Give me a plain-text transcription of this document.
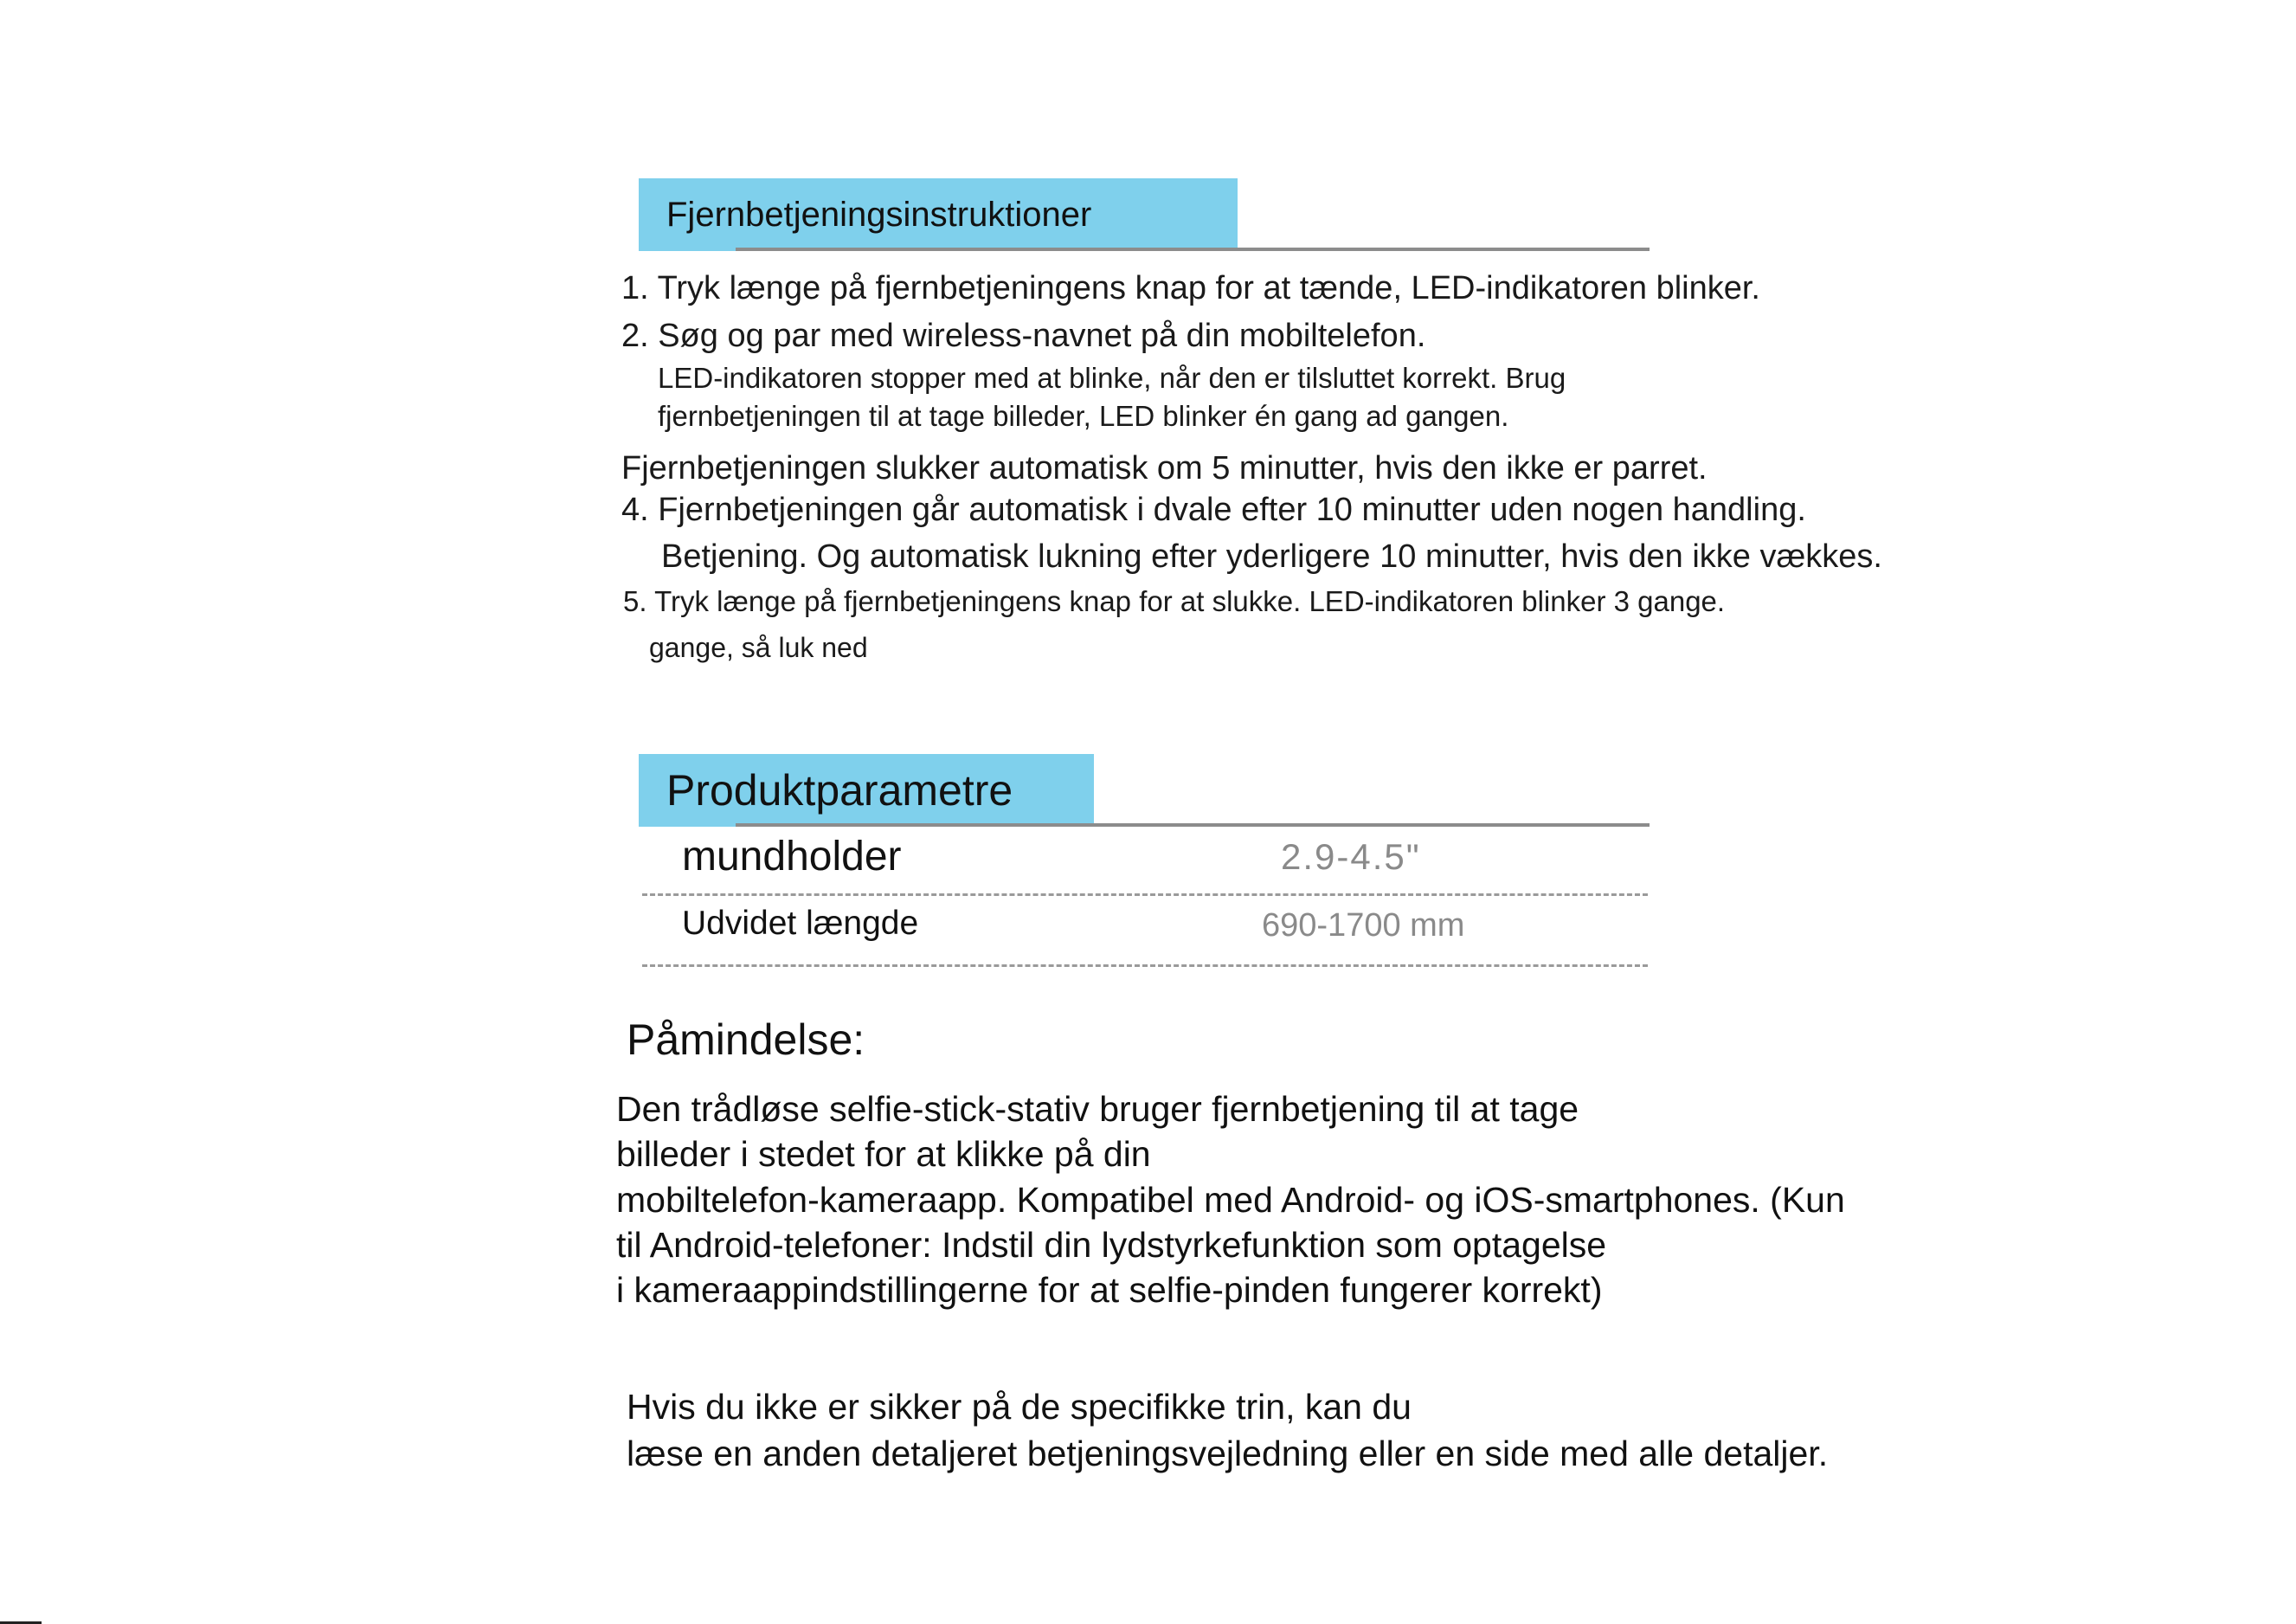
Fjernbetjeningsinstruktioner
1. Tryk længe på fjernbetjeningens knap for at tænde, LED-indikatoren blinker.
2. Søg og par med wireless-navnet på din mobiltelefon.
LED-indikatoren stopper med at blinke, når den er tilsluttet korrekt. Brug
fjernbetjeningen til at tage billeder, LED blinker én gang ad gangen.
Fjernbetjeningen slukker automatisk om 5 minutter, hvis den ikke er parret.
4. Fjernbetjeningen går automatisk i dvale efter 10 minutter uden nogen handling.
Betjening. Og automatisk lukning efter yderligere 10 minutter, hvis den ikke vækkes.
5. Tryk længe på fjernbetjeningens knap for at slukke. LED-indikatoren blinker 3 gange.
gange, så luk ned
Produktparametre
mundholder	2.9-4.5"
Udvidet længde	690-1700 mm
Påmindelse:
Den trådløse selfie-stick-stativ bruger fjernbetjening til at tage
billeder i stedet for at klikke på din
mobiltelefon-kameraapp. Kompatibel med Android- og iOS-smartphones. (Kun
til Android-telefoner: Indstil din lydstyrkefunktion som optagelse
i kameraappindstillingerne for at selfie-pinden fungerer korrekt)
Hvis du ikke er sikker på de specifikke trin, kan du
læse en anden detaljeret betjeningsvejledning eller en side med alle detaljer.
